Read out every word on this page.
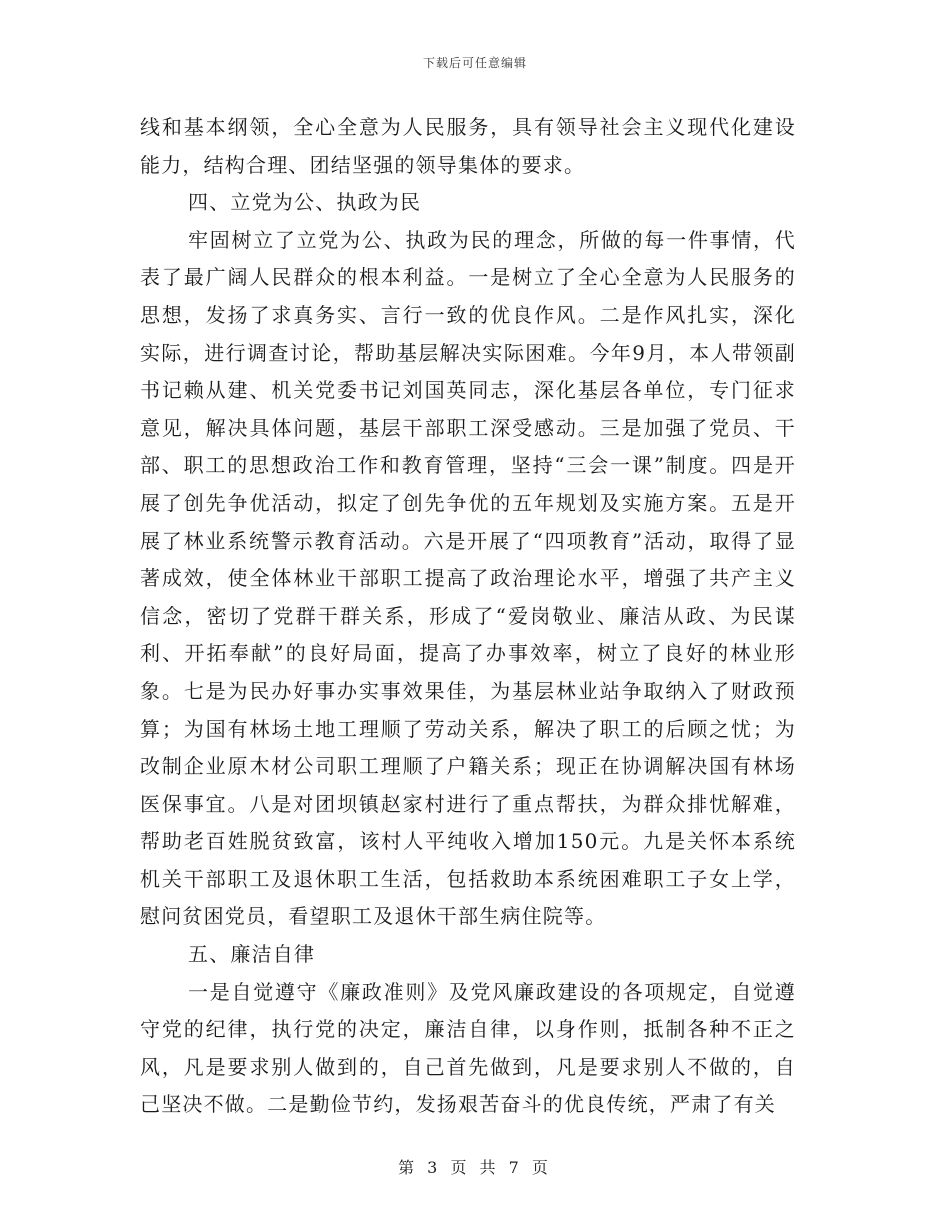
下载后可任意编辑

线和基本纲领，全心全意为人民服务，具有领导社会主义现代化建设能力，结构合理、团结坚强的领导集体的要求。

四、立党为公、执政为民

牢固树立了立党为公、执政为民的理念，所做的每一件事情，代表了最广阔人民群众的根本利益。一是树立了全心全意为人民服务的思想，发扬了求真务实、言行一致的优良作风。二是作风扎实，深化实际，进行调查讨论，帮助基层解决实际困难。今年9月，本人带领副书记赖从建、机关党委书记刘国英同志，深化基层各单位，专门征求意见，解决具体问题，基层干部职工深受感动。三是加强了党员、干部、职工的思想政治工作和教育管理，坚持“三会一课”制度。四是开展了创先争优活动，拟定了创先争优的五年规划及实施方案。五是开展了林业系统警示教育活动。六是开展了“四项教育”活动，取得了显著成效，使全体林业干部职工提高了政治理论水平，增强了共产主义信念，密切了党群干群关系，形成了“爱岗敬业、廉洁从政、为民谋利、开拓奉献”的良好局面，提高了办事效率，树立了良好的林业形象。七是为民办好事办实事效果佳，为基层林业站争取纳入了财政预算；为国有林场土地工理顺了劳动关系，解决了职工的后顾之忧；为改制企业原木材公司职工理顺了户籍关系；现正在协调解决国有林场医保事宜。八是对团坝镇赵家村进行了重点帮扶，为群众排忧解难，帮助老百姓脱贫致富，该村人平纯收入增加150元。九是关怀本系统机关干部职工及退休职工生活，包括救助本系统困难职工子女上学，慰问贫困党员，看望职工及退休干部生病住院等。

五、廉洁自律

一是自觉遵守《廉政准则》及党风廉政建设的各项规定，自觉遵守党的纪律，执行党的决定，廉洁自律，以身作则，抵制各种不正之风，凡是要求别人做到的，自己首先做到，凡是要求别人不做的，自己坚决不做。二是勤俭节约，发扬艰苦奋斗的优良传统，严肃了有关

第 3 页 共 7 页
